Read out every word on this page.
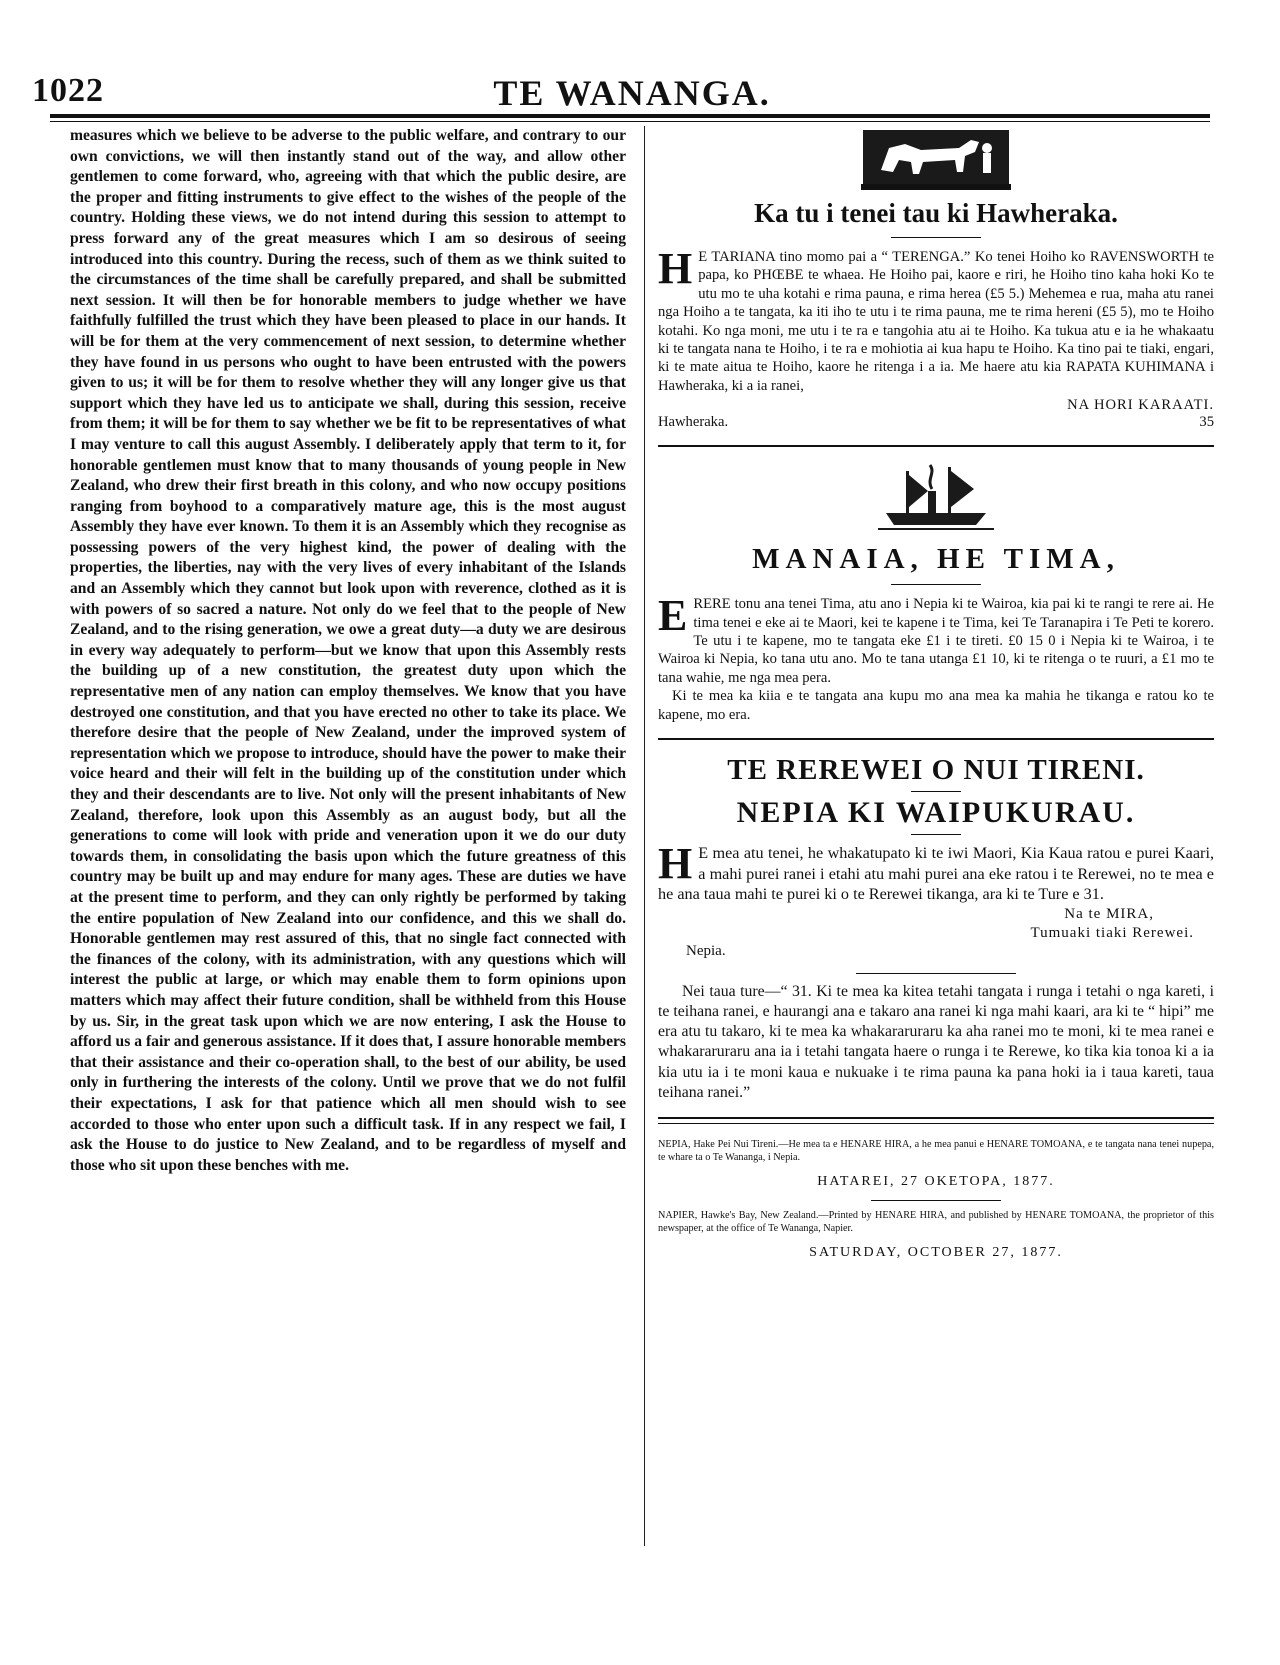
1022	TE WANANGA.

measures which we believe to be adverse to the public welfare, and contrary to our own convictions, we will then instantly stand out of the way, and allow other gentlemen to come forward, who, agreeing with that which the public desire, are the proper and fitting instruments to give effect to the wishes of the people of the country. Holding these views, we do not intend during this session to attempt to press forward any of the great measures which I am so desirous of seeing introduced into this country. During the recess, such of them as we think suited to the circumstances of the time shall be carefully prepared, and shall be submitted next session. It will then be for honorable members to judge whether we have faithfully fulfilled the trust which they have been pleased to place in our hands. It will be for them at the very commencement of next session, to determine whether they have found in us persons who ought to have been entrusted with the powers given to us; it will be for them to resolve whether they will any longer give us that support which they have led us to anticipate we shall, during this session, receive from them; it will be for them to say whether we be fit to be representatives of what I may venture to call this august Assembly. I deliberately apply that term to it, for honorable gentlemen must know that to many thousands of young people in New Zealand, who drew their first breath in this colony, and who now occupy positions ranging from boyhood to a comparatively mature age, this is the most august Assembly they have ever known. To them it is an Assembly which they recognise as possessing powers of the very highest kind, the power of dealing with the properties, the liberties, nay with the very lives of every inhabitant of the Islands and an Assembly which they cannot but look upon with reverence, clothed as it is with powers of so sacred a nature. Not only do we feel that to the people of New Zealand, and to the rising generation, we owe a great duty—a duty we are desirous in every way adequately to perform—but we know that upon this Assembly rests the building up of a new constitution, the greatest duty upon which the representative men of any nation can employ themselves. We know that you have destroyed one constitution, and that you have erected no other to take its place. We therefore desire that the people of New Zealand, under the improved system of representation which we propose to introduce, should have the power to make their voice heard and their will felt in the building up of the constitution under which they and their descendants are to live. Not only will the present inhabitants of New Zealand, therefore, look upon this Assembly as an august body, but all the generations to come will look with pride and veneration upon it we do our duty towards them, in consolidating the basis upon which the future greatness of this country may be built up and may endure for many ages. These are duties we have at the present time to perform, and they can only rightly be performed by taking the entire population of New Zealand into our confidence, and this we shall do. Honorable gentlemen may rest assured of this, that no single fact connected with the finances of the colony, with its administration, with any questions which will interest the public at large, or which may enable them to form opinions upon matters which may affect their future condition, shall be withheld from this House by us. Sir, in the great task upon which we are now entering, I ask the House to afford us a fair and generous assistance. If it does that, I assure honorable members that their assistance and their co-operation shall, to the best of our ability, be used only in furthering the interests of the colony. Until we prove that we do not fulfil their expectations, I ask for that patience which all men should wish to see accorded to those who enter upon such a difficult task. If in any respect we fail, I ask the House to do justice to New Zealand, and to be regardless of myself and those who sit upon these benches with me.

Ka tu i tenei tau ki Hawheraka.

H E TARIANA tino momo pai a “ TERENGA.” Ko tenei Hoiho ko RAVENSWORTH te papa, ko PHŒBE te whaea. He Hoiho pai, kaore e riri, he Hoiho tino kaha hoki Ko te utu mo te uha kotahi e rima pauna, e rima herea (£5 5.) Mehemea e rua, maha atu ranei nga Hoiho a te tangata, ka iti iho te utu i te rima pauna, me te rima hereni (£5 5), mo te Hoiho kotahi. Ko nga moni, me utu i te ra e tangohia atu ai te Hoiho. Ka tukua atu e ia he whakaatu ki te tangata nana te Hoiho, i te ra e mohiotia ai kua hapu te Hoiho. Ka tino pai te tiaki, engari, ki te mate aitua te Hoiho, kaore he ritenga i a ia. Me haere atu kia RAPATA KUHIMANA i Hawheraka, ki a ia ranei,

NA HORI KARAATI.
Hawheraka.	35
MANAIA, HE TIMA,

ERERE tonu ana tenei Tima, atu ano i Nepia ki te Wairoa, kia pai ki te rangi te rere ai. He tima tenei e eke ai te Maori, kei te kapene i te Tima, kei Te Taranapira i Te Peti te korero. Te utu i te kapene, mo te tangata eke £1 i te tireti. £0 15 0 i Nepia ki te Wairoa, i te Wairoa ki Nepia, ko tana utu ano. Mo te tana utanga £1 10, ki te ritenga o te ruuri, a £1 mo te tana wahie, me nga mea pera.

Ki te mea ka kiia e te tangata ana kupu mo ana mea ka mahia he tikanga e ratou ko te kapene, mo era.

TE REREWEI O NUI TIRENI.
NEPIA KI WAIPUKURAU.

H E mea atu tenei, he whakatupato ki te iwi Maori, Kia Kaua ratou e purei Kaari, a mahi purei ranei i etahi atu mahi purei ana eke ratou i te Rerewei, no te mea e he ana taua mahi te purei ki o te Rerewei tikanga, ara ki te Ture e 31.

Na te MIRA,
Tumuaki tiaki Rerewei.

Nepia.

Nei taua ture—“ 31. Ki te mea ka kitea tetahi tangata i runga i tetahi o nga kareti, i te teihana ranei, e haurangi ana e takaro ana ranei ki nga mahi kaari, ara ki te “ hipi” me era atu tu takaro, ki te mea ka whakararuraru ka aha ranei mo te moni, ki te mea ranei e whakararuraru ana ia i tetahi tangata haere o runga i te Rerewe, ko tika kia tonoa ki a ia kia utu ia i te moni kaua e nukuake i te rima pauna ka pana hoki ia i taua kareti, taua teihana ranei.”

NEPIA, Hake Pei Nui Tireni.—He mea ta e HENARE HIRA, a he mea panui e HENARE TOMOANA, e te tangata nana tenei nupepa, te whare ta o Te Wananga, i Nepia.

HATAREI, 27 OKETOPA, 1877.

NAPIER, Hawke's Bay, New Zealand.—Printed by HENARE HIRA, and published by HENARE TOMOANA, the proprietor of this newspaper, at the office of Te Wananga, Napier.

SATURDAY, OCTOBER 27, 1877.
